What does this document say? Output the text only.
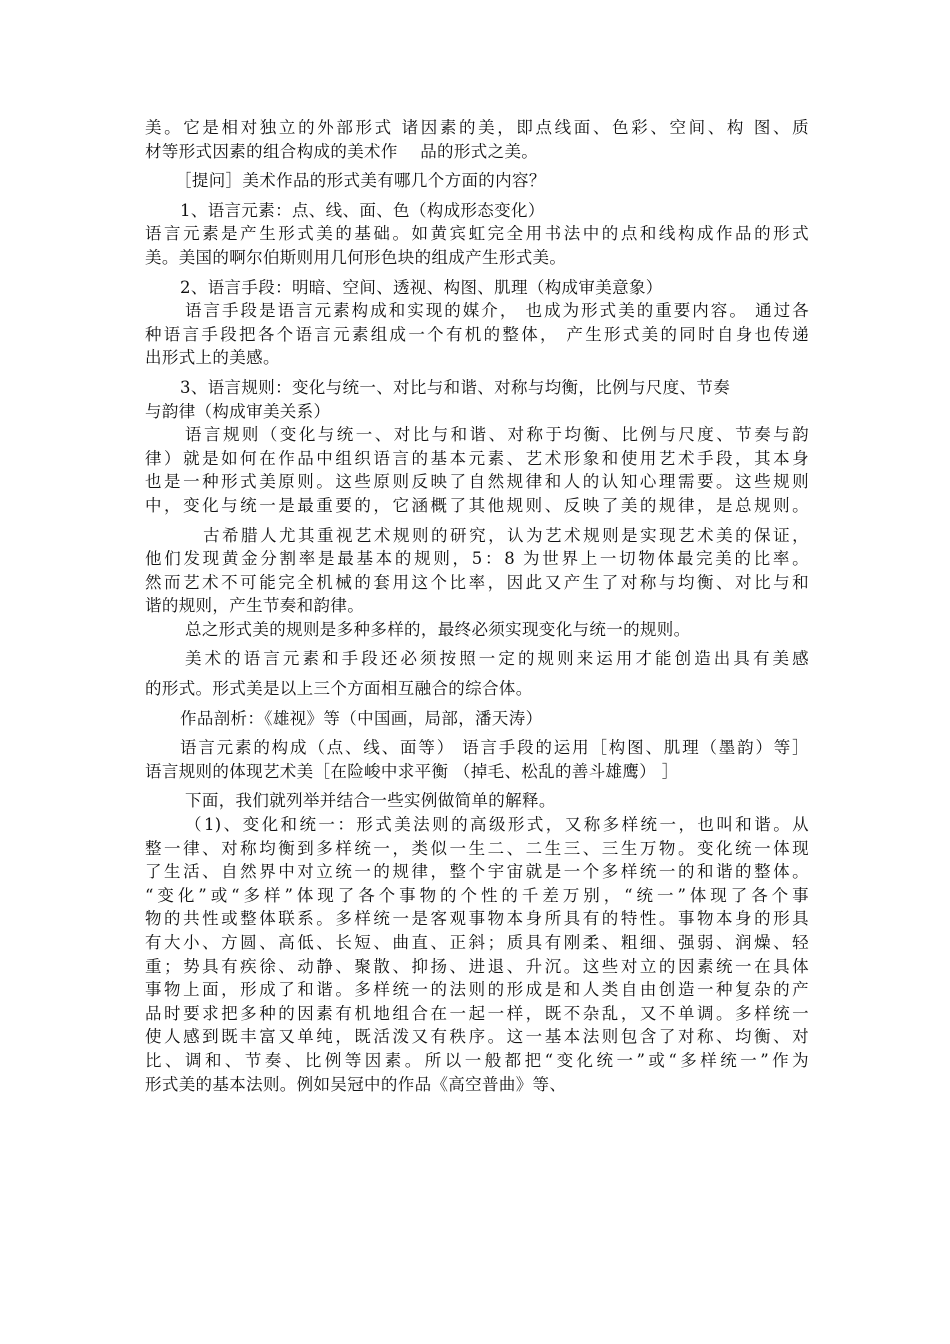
美。它是相对独立的外部形式 诸因素的美，即点线面、色彩、空间、构 图、质
材等形式因素的组合构成的美术作　 品的形式之美。
［提问］美术作品的形式美有哪几个方面的内容？
1、语言元素：点、线、面、色（构成形态变化）
语言元素是产生形式美的基础。如黄宾虹完全用书法中的点和线构成作品的形式
美。美国的啊尔伯斯则用几何形色块的组成产生形式美。
2、语言手段：明暗、空间、透视、构图、肌理（构成审美意象）
语言手段是语言元素构成和实现的媒介， 也成为形式美的重要内容。 通过各
种语言手段把各个语言元素组成一个有机的整体， 产生形式美的同时自身也传递
出形式上的美感。
3、语言规则：变化与统一、对比与和谐、对称与均衡，比例与尺度、节奏
与韵律（构成审美关系）
语言规则（变化与统一、对比与和谐、对称于均衡、比例与尺度、节奏与韵
律）就是如何在作品中组织语言的基本元素、艺术形象和使用艺术手段，其本身
也是一种形式美原则。这些原则反映了自然规律和人的认知心理需要。这些规则
中，变化与统一是最重要的，它涵概了其他规则、反映了美的规律，是总规则。
古希腊人尤其重视艺术规则的研究，认为艺术规则是实现艺术美的保证，
他们发现黄金分割率是最基本的规则，5：8 为世界上一切物体最完美的比率。
然而艺术不可能完全机械的套用这个比率，因此又产生了对称与均衡、对比与和
谐的规则，产生节奏和韵律。
总之形式美的规则是多种多样的，最终必须实现变化与统一的规则。
美术的语言元素和手段还必须按照一定的规则来运用才能创造出具有美感
的形式。形式美是以上三个方面相互融合的综合体。
作品剖析：《雄视》等（中国画，局部，潘天涛）
语言元素的构成（点、线、面等） 语言手段的运用［构图、肌理（墨韵）等］
语言规则的体现艺术美［在险峻中求平衡 （掉毛、松乱的善斗雄鹰） ］
下面，我们就列举并结合一些实例做简单的解释。
（1)、变化和统一：形式美法则的高级形式，又称多样统一，也叫和谐。从
整一律、对称均衡到多样统一，类似一生二、二生三、三生万物。变化统一体现
了生活、自然界中对立统一的规律，整个宇宙就是一个多样统一的和谐的整体。
“变化”或“多样”体现了各个事物的个性的千差万别，“统一”体现了各个事
物的共性或整体联系。多样统一是客观事物本身所具有的特性。事物本身的形具
有大小、方圆、高低、长短、曲直、正斜；质具有刚柔、粗细、强弱、润燥、轻
重；势具有疾徐、动静、聚散、抑扬、进退、升沉。这些对立的因素统一在具体
事物上面，形成了和谐。多样统一的法则的形成是和人类自由创造一种复杂的产
品时要求把多种的因素有机地组合在一起一样，既不杂乱，又不单调。多样统一
使人感到既丰富又单纯，既活泼又有秩序。这一基本法则包含了对称、均衡、对
比、调和、节奏、比例等因素。所以一般都把“变化统一”或“多样统一”作为
形式美的基本法则。例如吴冠中的作品《高空普曲》等、
